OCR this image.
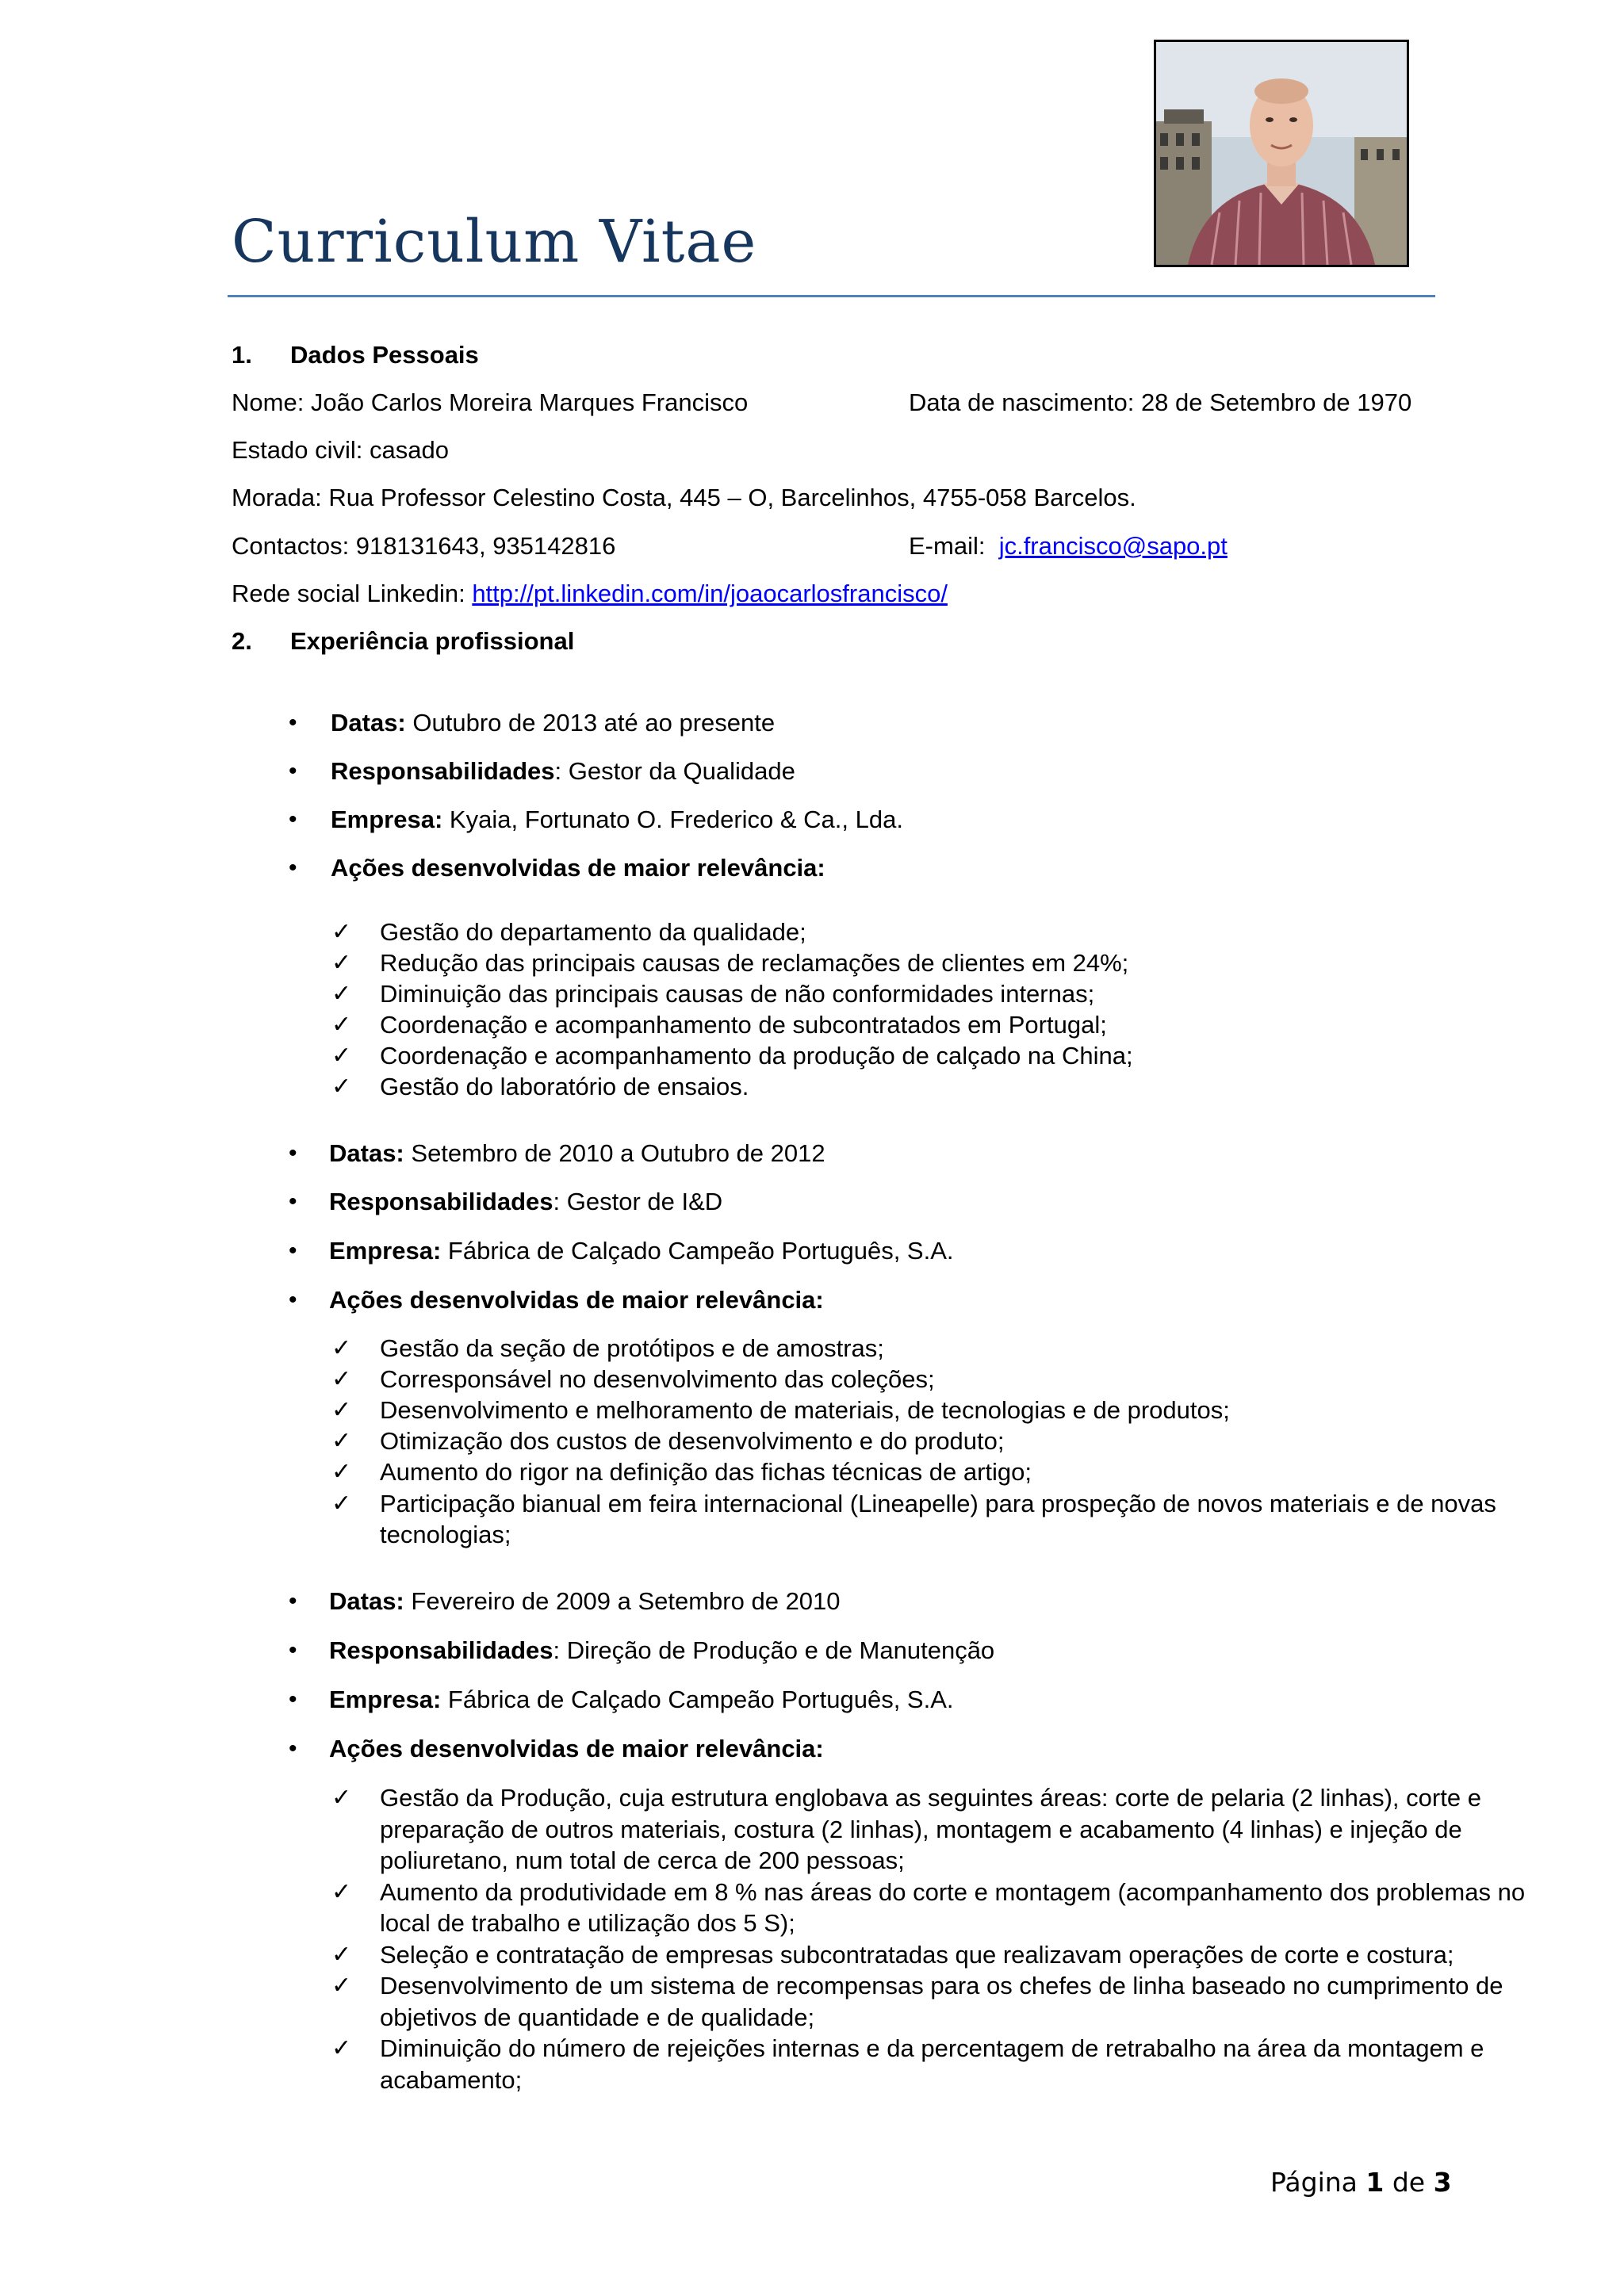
Curriculum Vitae
1. Dados Pessoais
Nome: João Carlos Moreira Marques Francisco	Data de nascimento: 28 de Setembro de 1970
Estado civil: casado
Morada: Rua Professor Celestino Costa, 445 – O, Barcelinhos, 4755-058 Barcelos.
Contactos: 918131643, 935142816	E-mail: jc.francisco@sapo.pt
Rede social Linkedin: http://pt.linkedin.com/in/joaocarlosfrancisco/
2. Experiência profissional
• Datas: Outubro de 2013 até ao presente
• Responsabilidades: Gestor da Qualidade
• Empresa: Kyaia, Fortunato O. Frederico & Ca., Lda.
• Ações desenvolvidas de maior relevância:
✓ Gestão do departamento da qualidade;
✓ Redução das principais causas de reclamações de clientes em 24%;
✓ Diminuição das principais causas de não conformidades internas;
✓ Coordenação e acompanhamento de subcontratados em Portugal;
✓ Coordenação e acompanhamento da produção de calçado na China;
✓ Gestão do laboratório de ensaios.
• Datas: Setembro de 2010 a Outubro de 2012
• Responsabilidades: Gestor de I&D
• Empresa: Fábrica de Calçado Campeão Português, S.A.
• Ações desenvolvidas de maior relevância:
✓ Gestão da seção de protótipos e de amostras;
✓ Corresponsável no desenvolvimento das coleções;
✓ Desenvolvimento e melhoramento de materiais, de tecnologias e de produtos;
✓ Otimização dos custos de desenvolvimento e do produto;
✓ Aumento do rigor na definição das fichas técnicas de artigo;
✓ Participação bianual em feira internacional (Lineapelle) para prospeção de novos materiais e de novas
tecnologias;
• Datas: Fevereiro de 2009 a Setembro de 2010
• Responsabilidades: Direção de Produção e de Manutenção
• Empresa: Fábrica de Calçado Campeão Português, S.A.
• Ações desenvolvidas de maior relevância:
✓ Gestão da Produção, cuja estrutura englobava as seguintes áreas: corte de pelaria (2 linhas), corte e
preparação de outros materiais, costura (2 linhas), montagem e acabamento (4 linhas) e injeção de
poliuretano, num total de cerca de 200 pessoas;
✓ Aumento da produtividade em 8 % nas áreas do corte e montagem (acompanhamento dos problemas no
local de trabalho e utilização dos 5 S);
✓ Seleção e contratação de empresas subcontratadas que realizavam operações de corte e costura;
✓ Desenvolvimento de um sistema de recompensas para os chefes de linha baseado no cumprimento de
objetivos de quantidade e de qualidade;
✓ Diminuição do número de rejeições internas e da percentagem de retrabalho na área da montagem e
acabamento;
Página 1 de 3
